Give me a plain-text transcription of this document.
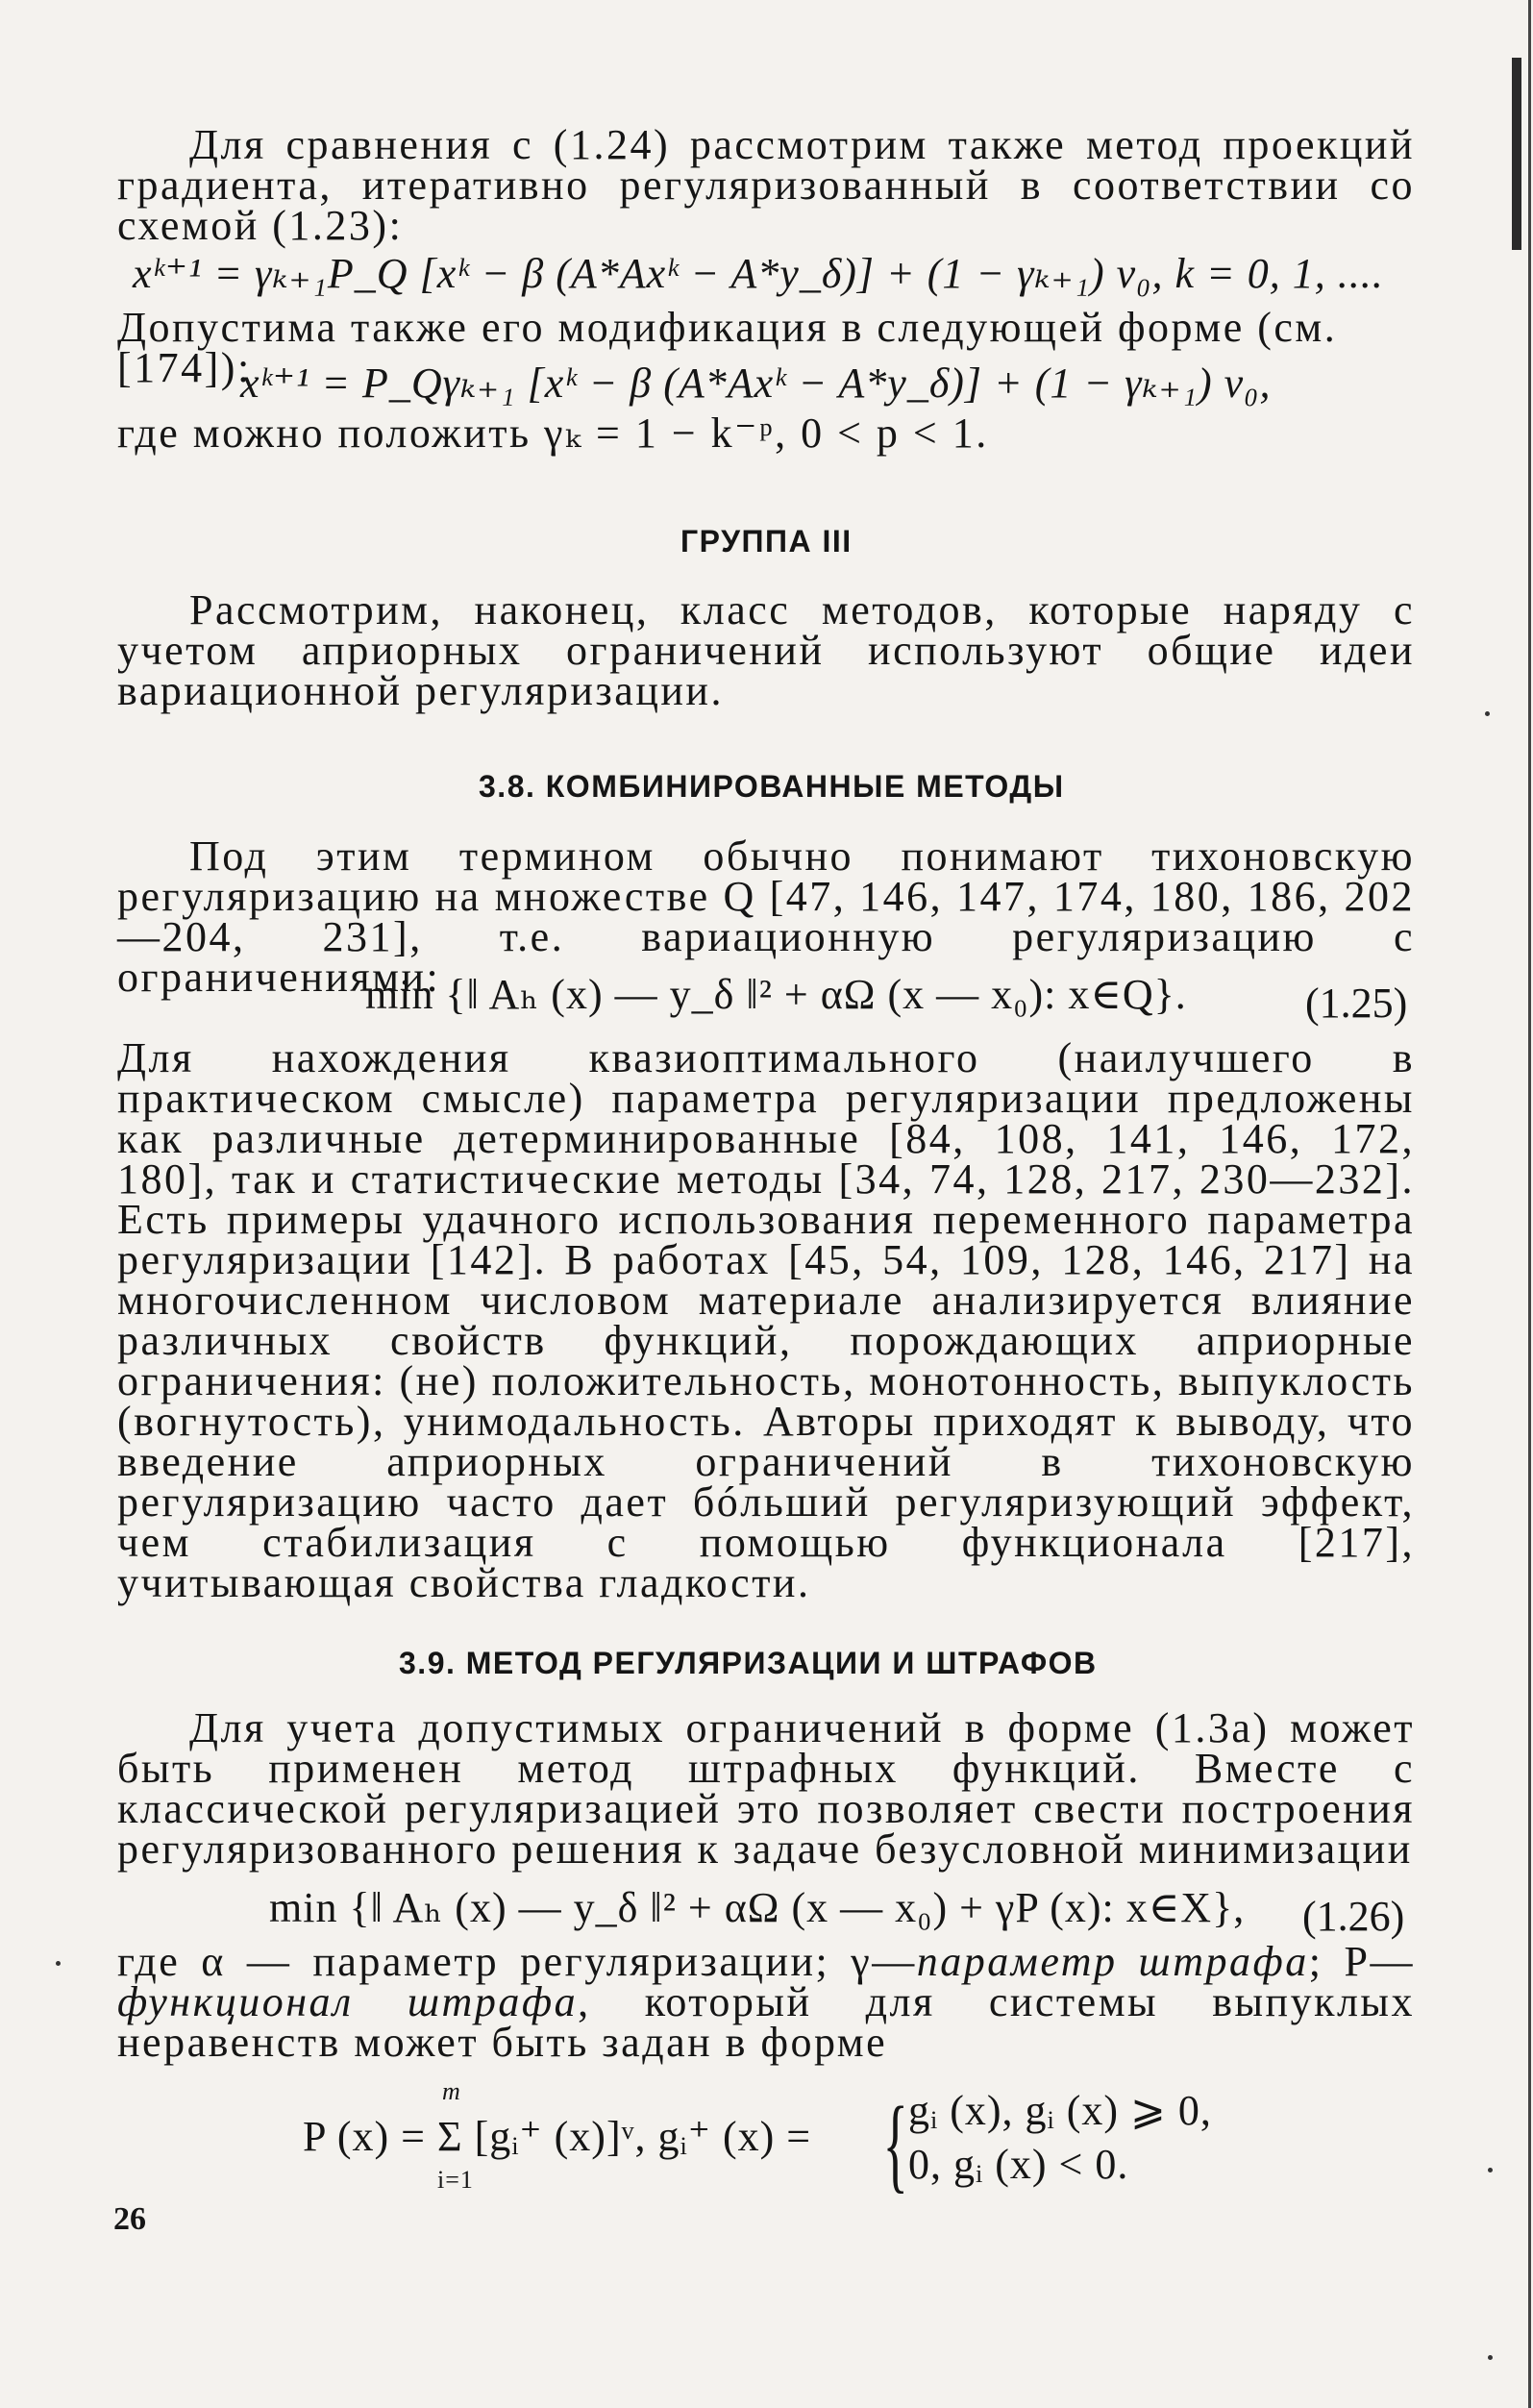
Для сравнения с (1.24) рассмотрим также метод проекций градиента, итеративно регуляризованный в соответствии со схемой (1.23):

xᵏ⁺¹ = γₖ₊₁P_Q [xᵏ − β (A*Axᵏ − A*y_δ)] + (1 − γₖ₊₁) v₀, k = 0, 1, ....

Допустима также его модификация в следующей форме (см. [174]):

xᵏ⁺¹ = P_Qγₖ₊₁ [xᵏ − β (A*Axᵏ − A*y_δ)] + (1 − γₖ₊₁) v₀,

где можно положить γₖ = 1 − k⁻ᵖ, 0 < p < 1.

ГРУППА III

Рассмотрим, наконец, класс методов, которые наряду с учетом априорных ограничений используют общие идеи вариационной регуляризации.

3.8. КОМБИНИРОВАННЫЕ МЕТОДЫ

Под этим термином обычно понимают тихоновскую регуляризацию на множестве Q [47, 146, 147, 174, 180, 186, 202—204, 231], т.е. вариационную регуляризацию с ограничениями:

min {‖ Aₕ (x) — y_δ ‖² + αΩ (x — x₀): x∈Q}.	(1.25)

Для нахождения квазиоптимального (наилучшего в практическом смысле) параметра регуляризации предложены как различные детерминированные [84, 108, 141, 146, 172, 180], так и статистические методы [34, 74, 128, 217, 230—232]. Есть примеры удачного использования переменного параметра регуляризации [142]. В работах [45, 54, 109, 128, 146, 217] на многочисленном числовом материале анализируется влияние различных свойств функций, порождающих априорные ограничения: (не) положительность, монотонность, выпуклость (вогнутость), унимодальность. Авторы приходят к выводу, что введение априорных ограничений в тихоновскую регуляризацию часто дает бóльший регуляризующий эффект, чем стабилизация с помощью функционала [217], учитывающая свойства гладкости.

3.9. МЕТОД РЕГУЛЯРИЗАЦИИ И ШТРАФОВ

Для учета допустимых ограничений в форме (1.3а) может быть применен метод штрафных функций. Вместе с классической регуляризацией это позволяет свести построения регуляризованного решения к задаче безусловной минимизации

min {‖ Aₕ (x) — y_δ ‖² + αΩ (x — x₀) + γP (x): x∈X}, (1.26)

где α — параметр регуляризации; γ—параметр штрафа; P—функционал штрафа, который для системы выпуклых неравенств может быть задан в форме

m
i=1
P (x) = Σ [gᵢ⁺ (x)]ᵛ, gᵢ⁺ (x) = { gᵢ (x), gᵢ (x) ⩾ 0,
0, gᵢ (x) < 0.
26
